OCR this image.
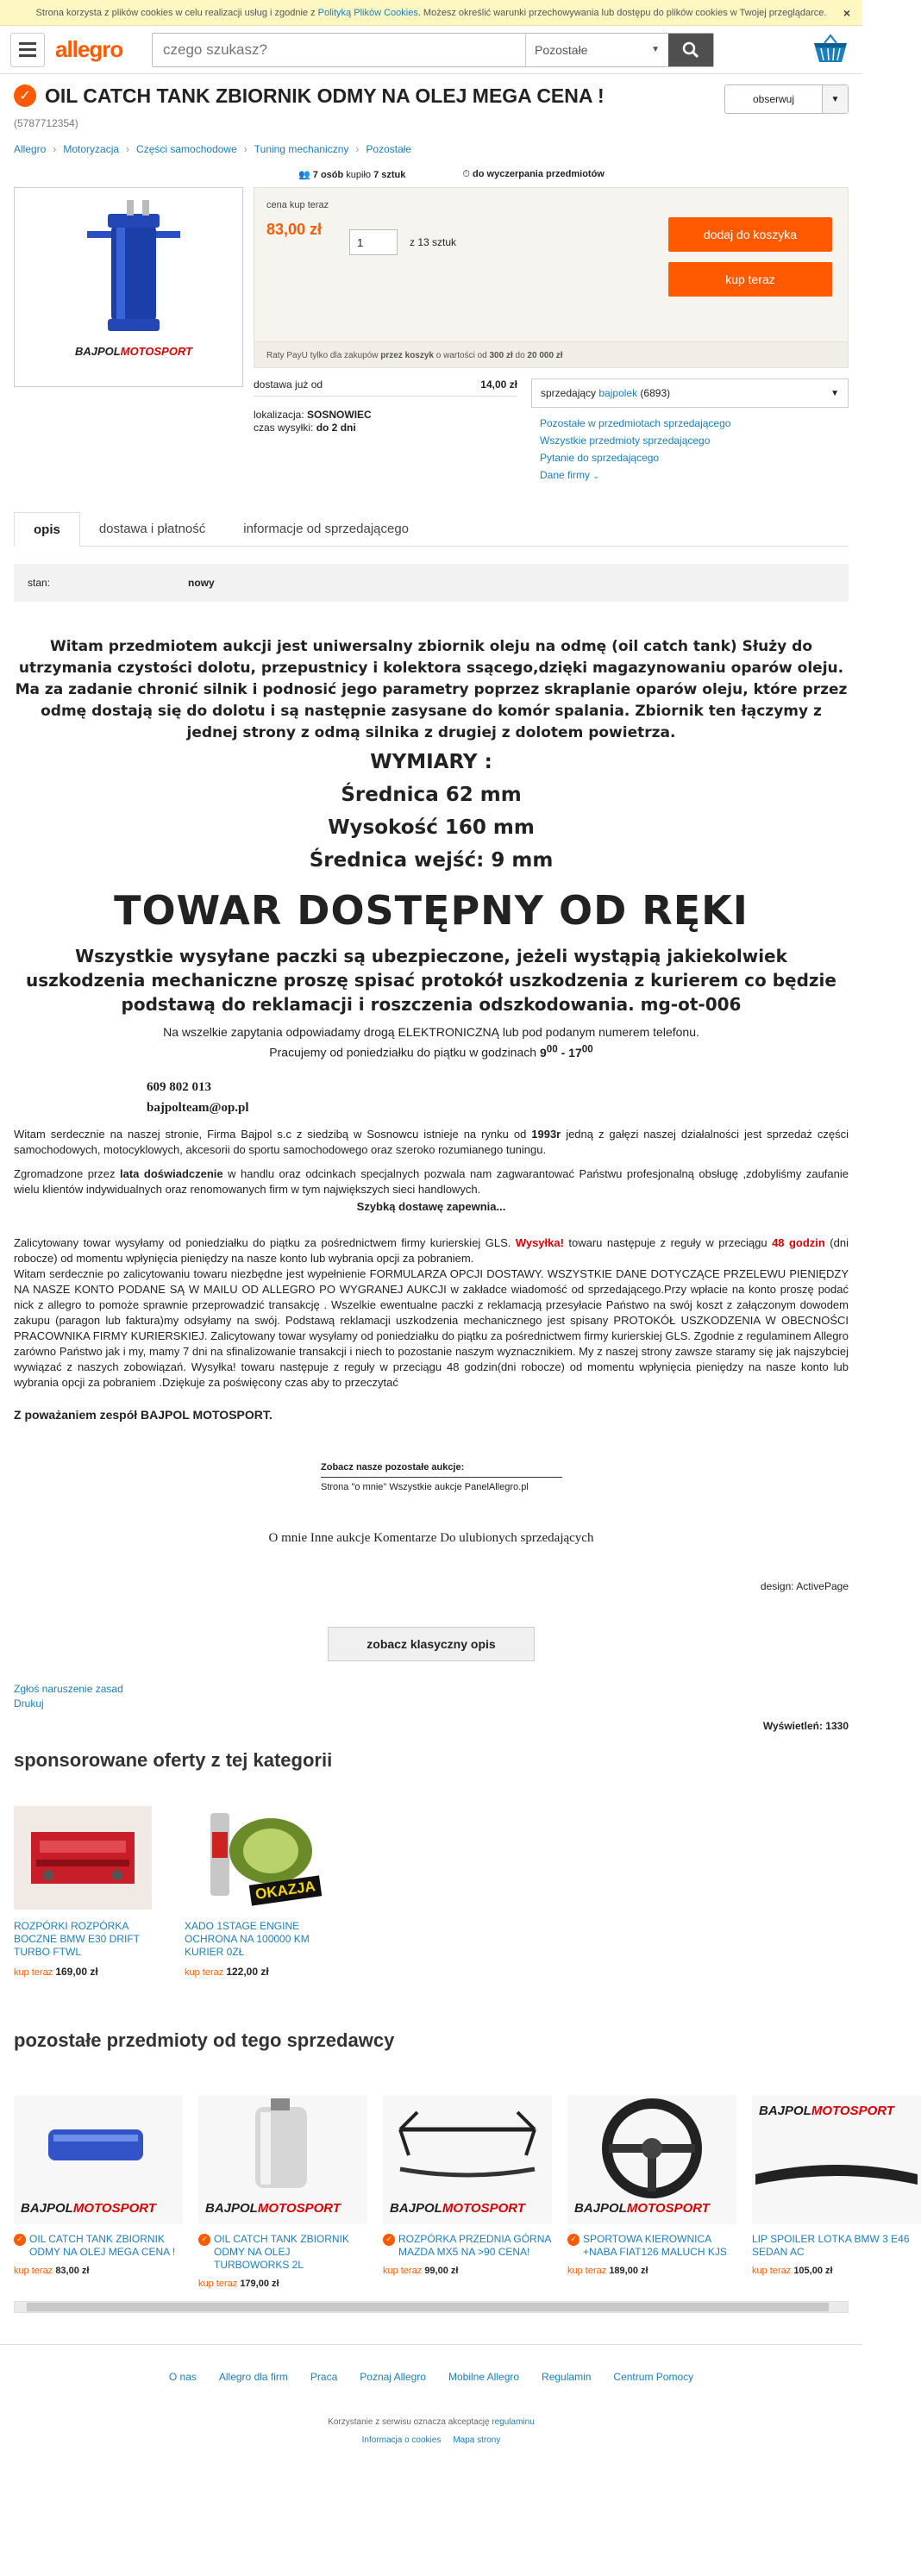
Strona korzysta z plików cookies w celu realizacji usług i zgodnie z
Polityką Plików Cookies . Możesz określić warunki przechowywania lub dostępu do plików cookies w Twojej przeglądarce. ×
allegro
czego szukasz?	Pozostałe	▼
✓ OIL CATCH TANK ZBIORNIK ODMY NA OLEJ MEGA CENA !	obserwuj	▼
(5787712354)
Allegro › Motoryzacja › Części samochodowe › Tuning mechaniczny › Pozostałe
👥 7 osób kupiło 7 sztuk	⏱ do wyczerpania przedmiotów
BAJPOLMOTOSPORT
cena kup teraz
83,00 zł
1	z 13 sztuk
dodaj do koszyka
kup teraz
Raty PayU tylko dla zakupów przez koszyk o wartości od 300 zł do 20 000 zł
dostawa już od	14,00 zł
lokalizacja: SOSNOWIEC
czas wysyłki: do 2 dni
sprzedający bajpolek (6893)	▼
Pozostałe w przedmiotach sprzedającego
Wszystkie przedmioty sprzedającego
Pytanie do sprzedającego
Dane firmy ⌄
opis	dostawa i płatność	informacje od sprzedającego
stan:	nowy
Witam przedmiotem aukcji jest uniwersalny zbiornik oleju na odmę (oil catch tank) Służy do utrzymania czystości dolotu, przepustnicy i kolektora ssącego,dzięki magazynowaniu oparów oleju. Ma za zadanie chronić silnik i podnosić jego parametry poprzez skraplanie oparów oleju, które przez odmę dostają się do dolotu i są następnie zasysane do komór spalania. Zbiornik ten łączymy z jednej strony z odmą silnika z drugiej z dolotem powietrza.
WYMIARY :
Średnica 62 mm
Wysokość 160 mm
Średnica wejść: 9 mm
TOWAR DOSTĘPNY OD RĘKI
Wszystkie wysyłane paczki są ubezpieczone, jeżeli wystąpią jakiekolwiek uszkodzenia mechaniczne proszę spisać protokół uszkodzenia z kurierem co będzie podstawą do reklamacji i roszczenia odszkodowania. mg-ot-006
Na wszelkie zapytania odpowiadamy drogą ELEKTRONICZNĄ lub pod podanym numerem telefonu.
Pracujemy od poniedziałku do piątku w godzinach $9^{00} - 17^{00}$
609 802 013
bajpolteam@op.pl

Witam serdecznie na naszej stronie, Firma Bajpol s.c z siedzibą w Sosnowcu istnieje na rynku od 1993r jedną z gałęzi naszej działalności jest sprzedaż części samochodowych, motocyklowych, akcesorii do sportu samochodowego oraz szeroko rozumianego tuningu.

Zgromadzone przez lata doświadczenie w handlu oraz odcinkach specjalnych pozwala nam zagwarantować Państwu profesjonalną obsługę ,zdobyliśmy zaufanie wielu klientów indywidualnych oraz renomowanych firm w tym największych sieci handlowych.

Szybką dostawę zapewnia...

Zalicytowany towar wysyłamy od poniedziałku do piątku za pośrednictwem firmy kurierskiej GLS. Wysyłka! towaru następuje z reguły w przeciągu 48 godzin (dni robocze) od momentu wpłynięcia pieniędzy na nasze konto lub wybrania opcji za pobraniem.

Witam serdecznie po zalicytowaniu towaru niezbędne jest wypełnienie FORMULARZA OPCJI DOSTAWY. WSZYSTKIE DANE DOTYCZĄCE PRZELEWU PIENIĘDZY NA NASZE KONTO PODANE SĄ W MAILU OD ALLEGRO PO WYGRANEJ AUKCJI w zakładce wiadomość od sprzedającego.Przy wpłacie na konto proszę podać nick z allegro to pomoże sprawnie przeprowadzić transakcję . Wszelkie ewentualne paczki z reklamacją przesyłacie Państwo na swój koszt z załączonym dowodem zakupu (paragon lub faktura)my odsyłamy na swój. Podstawą reklamacji uszkodzenia mechanicznego jest spisany PROTOKÓŁ USZKODZENIA W OBECNOŚCI PRACOWNIKA FIRMY KURIERSKIEJ. Zalicytowany towar wysyłamy od poniedziałku do piątku za pośrednictwem firmy kurierskiej GLS. Zgodnie z regulaminem Allegro zarówno Państwo jak i my, mamy 7 dni na sfinalizowanie transakcji i niech to pozostanie naszym wyznacznikiem. My z naszej strony zawsze staramy się jak najszybciej wywiązać z naszych zobowiązań. Wysyłka! towaru następuje z reguły w przeciągu 48 godzin(dni robocze) od momentu wpłynięcia pieniędzy na nasze konto lub wybrania opcji za pobraniem .Dziękuje za poświęcony czas aby to przeczytać

Z poważaniem zespół BAJPOL MOTOSPORT.
Zobacz nasze pozostałe aukcje:
Strona "o mnie" Wszystkie aukcje PanelAllegro.pl
O mnie Inne aukcje Komentarze Do ulubionych sprzedających
design: ActivePage
zobacz klasyczny opis
Zgłoś naruszenie zasad
Drukuj
Wyświetleń: 1330
sponsorowane oferty z tej kategorii
ROZPÓRKI ROZPÓRKA BOCZNE BMW E30 DRIFT TURBO FTWL
kup teraz 169,00 zł
OKAZJA
XADO 1STAGE ENGINE OCHRONA NA 100000 KM KURIER 0ZŁ
kup teraz 122,00 zł
pozostałe przedmioty od tego sprzedawcy
BAJPOLMOTOSPORT
✓ OIL CATCH TANK ZBIORNIK ODMY NA OLEJ MEGA CENA !
kup teraz 83,00 zł
BAJPOLMOTOSPORT
✓ OIL CATCH TANK ZBIORNIK ODMY NA OLEJ TURBOWORKS 2L
kup teraz 179,00 zł
BAJPOLMOTOSPORT
✓ ROZPÓRKA PRZEDNIA GÓRNA MAZDA MX5 NA >90 CENA!
kup teraz 99,00 zł
BAJPOLMOTOSPORT
✓ SPORTOWA KIEROWNICA +NABA FIAT126 MALUCH KJS
kup teraz 189,00 zł
BAJPOLMOTOSPORT
LIP SPOILER LOTKA BMW 3 E46 SEDAN AC
kup teraz 105,00 zł
O nas Allegro dla firm Praca Poznaj Allegro Mobilne Allegro Regulamin Centrum Pomocy
Korzystanie z serwisu oznacza akceptację regulaminu
Informacja o cookies Mapa strony
